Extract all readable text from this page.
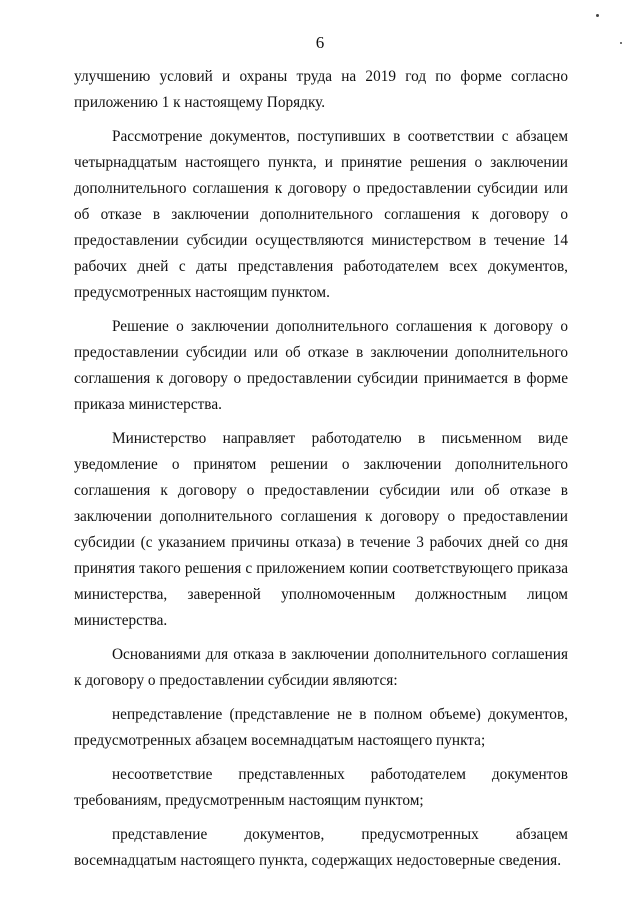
6

улучшению условий и охраны труда на 2019 год по форме согласно приложению 1 к настоящему Порядку.

Рассмотрение документов, поступивших в соответствии с абзацем четырнадцатым настоящего пункта, и принятие решения о заключении дополнительного соглашения к договору о предоставлении субсидии или об отказе в заключении дополнительного соглашения к договору о предоставлении субсидии осуществляются министерством в течение 14 рабочих дней с даты представления работодателем всех документов, предусмотренных настоящим пунктом.

Решение о заключении дополнительного соглашения к договору о предоставлении субсидии или об отказе в заключении дополнительного соглашения к договору о предоставлении субсидии принимается в форме приказа министерства.

Министерство направляет работодателю в письменном виде уведомление о принятом решении о заключении дополнительного соглашения к договору о предоставлении субсидии или об отказе в заключении дополнительного соглашения к договору о предоставлении субсидии (с указанием причины отказа) в течение 3 рабочих дней со дня принятия такого решения с приложением копии соответствующего приказа министерства, заверенной уполномоченным должностным лицом министерства.

Основаниями для отказа в заключении дополнительного соглашения к договору о предоставлении субсидии являются:

непредставление (представление не в полном объеме) документов, предусмотренных абзацем восемнадцатым настоящего пункта;

несоответствие представленных работодателем документов требованиям, предусмотренным настоящим пунктом;

представление документов, предусмотренных абзацем восемнадцатым настоящего пункта, содержащих недостоверные сведения.
